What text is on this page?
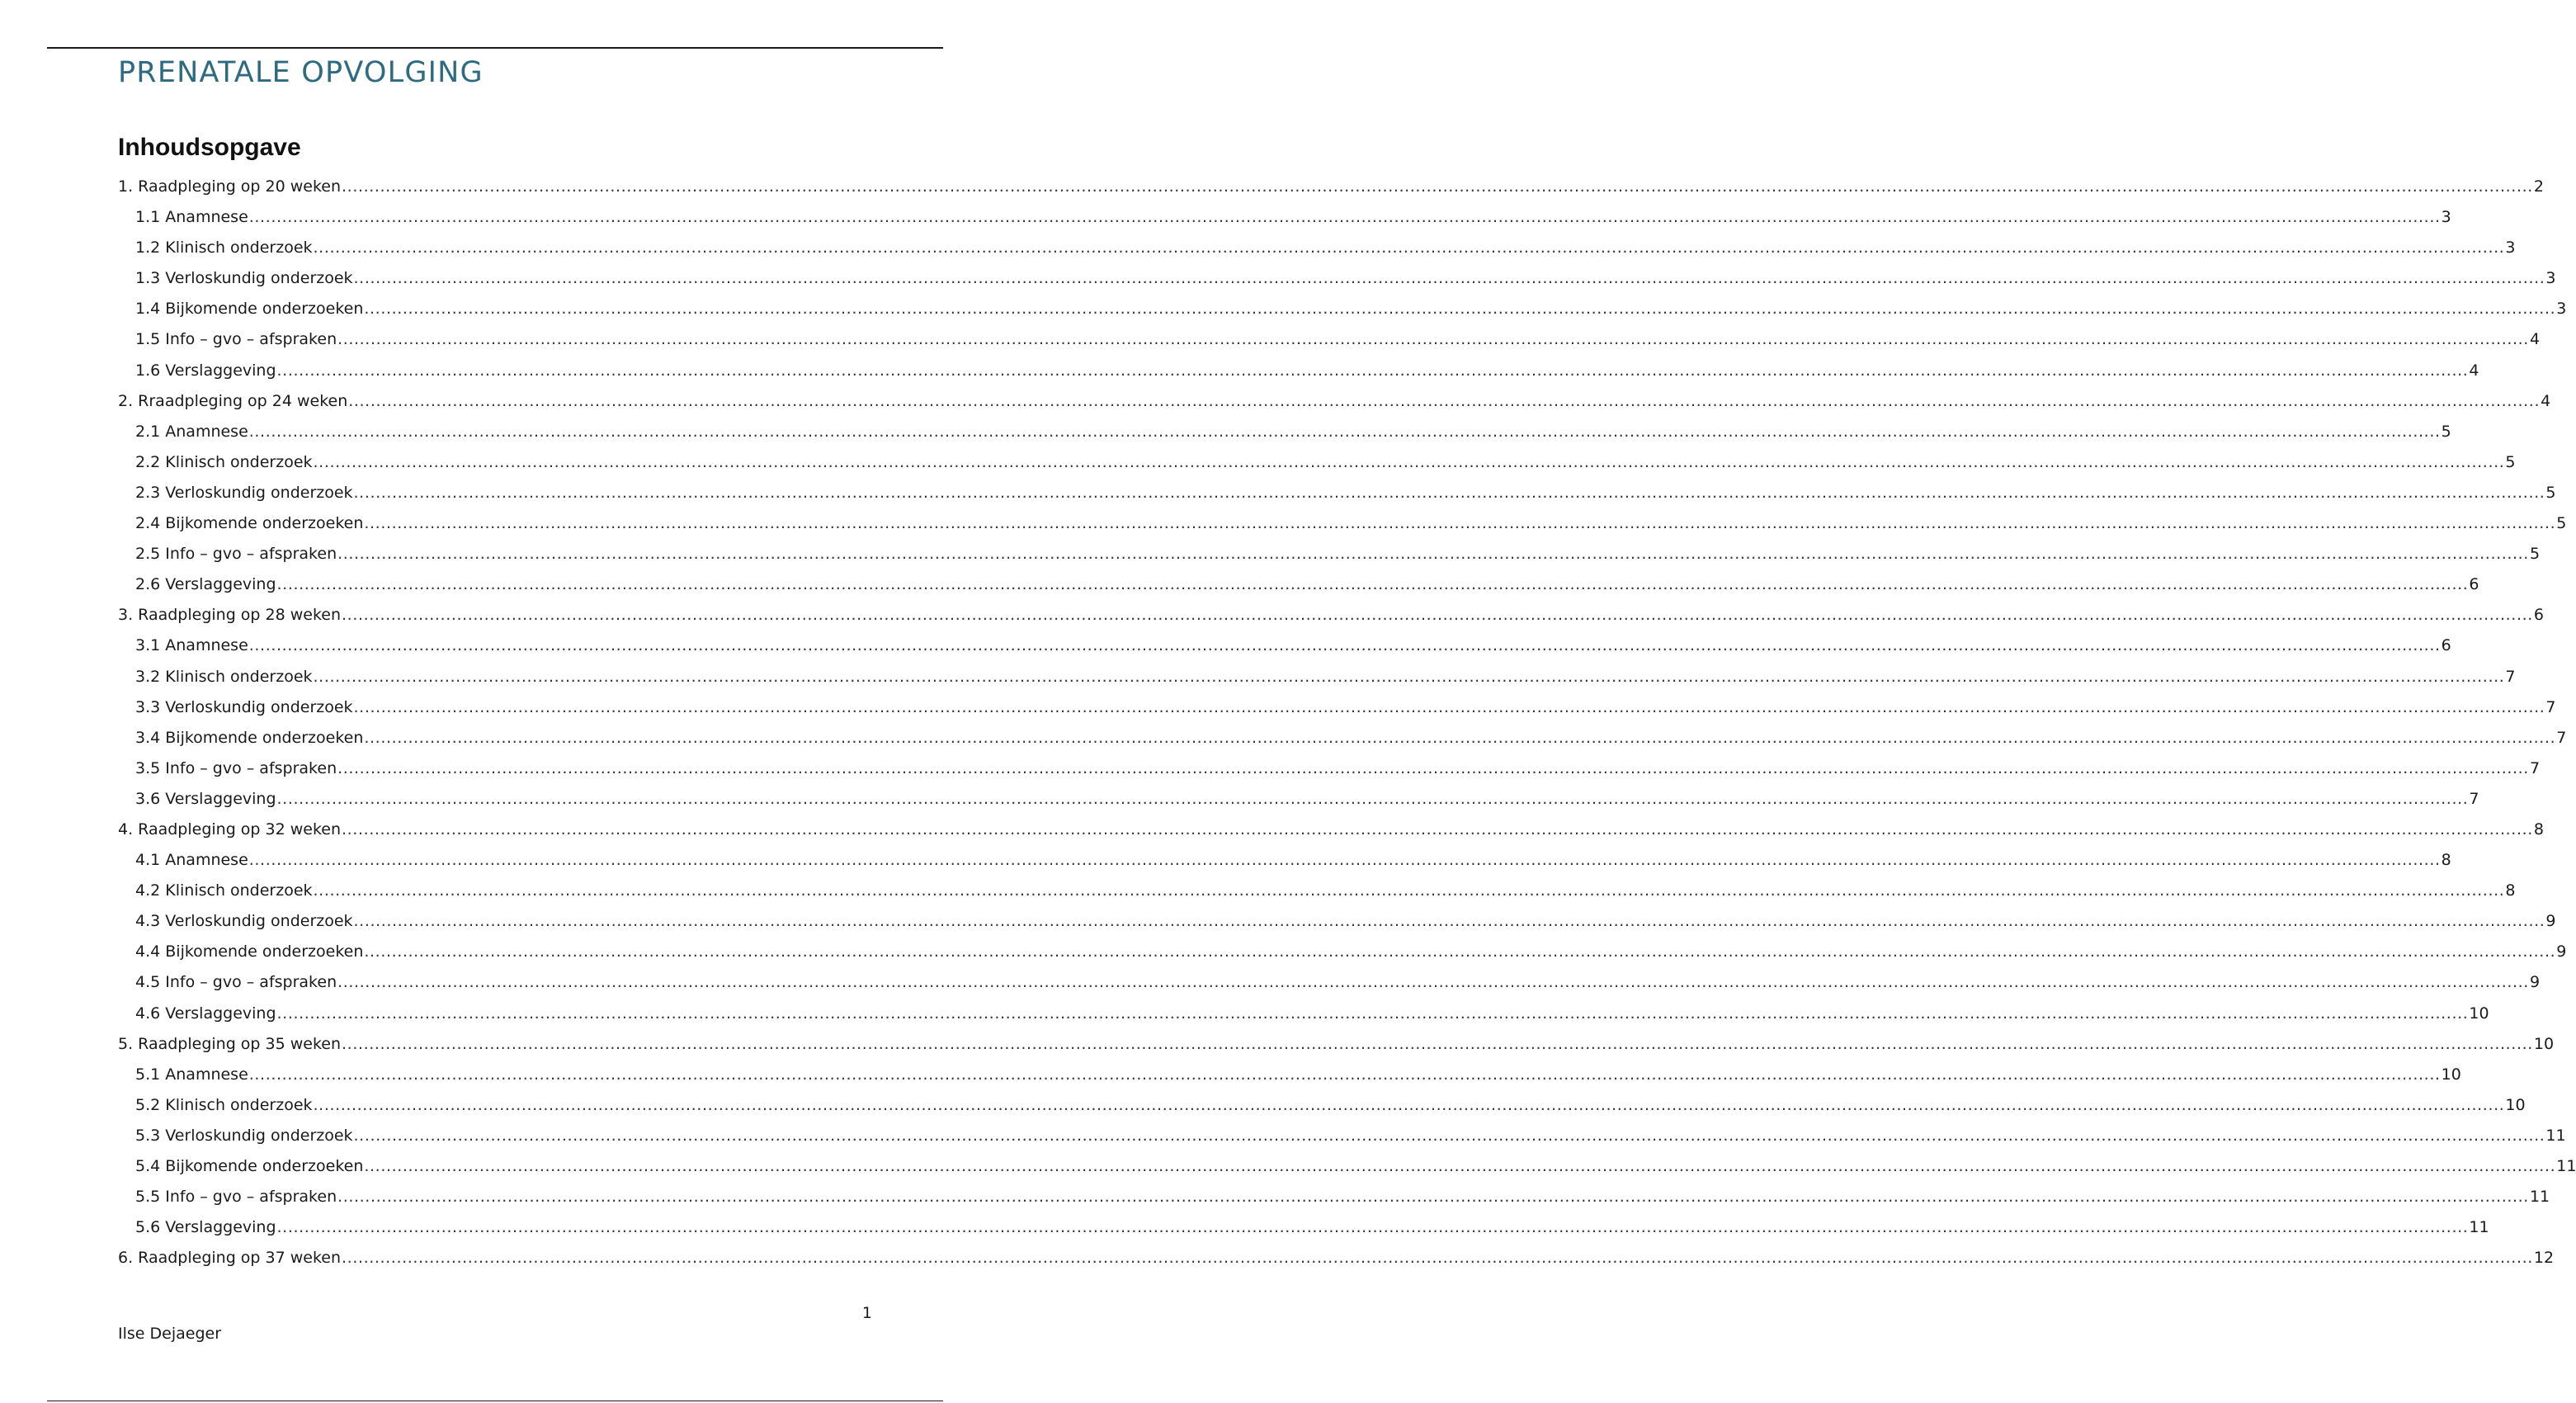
PRENATALE OPVOLGING
Inhoudsopgave
1. Raadpleging op 20 weken ................................................................................................................................................................................................................................................................................................................................................................................................................ 2
1.1 Anamnese ................................................................................................................................................................................................................................................................................................................................................................................................................ 3
1.2 Klinisch onderzoek ................................................................................................................................................................................................................................................................................................................................................................................................................ 3
1.3 Verloskundig onderzoek ................................................................................................................................................................................................................................................................................................................................................................................................................ 3
1.4 Bijkomende onderzoeken ................................................................................................................................................................................................................................................................................................................................................................................................................ 3
1.5 Info – gvo – afspraken ................................................................................................................................................................................................................................................................................................................................................................................................................ 4
1.6 Verslaggeving ................................................................................................................................................................................................................................................................................................................................................................................................................ 4
2. Rraadpleging op 24 weken ................................................................................................................................................................................................................................................................................................................................................................................................................ 4
2.1 Anamnese ................................................................................................................................................................................................................................................................................................................................................................................................................ 5
2.2 Klinisch onderzoek ................................................................................................................................................................................................................................................................................................................................................................................................................ 5
2.3 Verloskundig onderzoek ................................................................................................................................................................................................................................................................................................................................................................................................................ 5
2.4 Bijkomende onderzoeken ................................................................................................................................................................................................................................................................................................................................................................................................................ 5
2.5 Info – gvo – afspraken ................................................................................................................................................................................................................................................................................................................................................................................................................ 5
2.6 Verslaggeving ................................................................................................................................................................................................................................................................................................................................................................................................................ 6
3. Raadpleging op 28 weken ................................................................................................................................................................................................................................................................................................................................................................................................................ 6
3.1 Anamnese ................................................................................................................................................................................................................................................................................................................................................................................................................ 6
3.2 Klinisch onderzoek ................................................................................................................................................................................................................................................................................................................................................................................................................ 7
3.3 Verloskundig onderzoek ................................................................................................................................................................................................................................................................................................................................................................................................................ 7
3.4 Bijkomende onderzoeken ................................................................................................................................................................................................................................................................................................................................................................................................................ 7
3.5 Info – gvo – afspraken ................................................................................................................................................................................................................................................................................................................................................................................................................ 7
3.6 Verslaggeving ................................................................................................................................................................................................................................................................................................................................................................................................................ 7
4. Raadpleging op 32 weken ................................................................................................................................................................................................................................................................................................................................................................................................................ 8
4.1 Anamnese ................................................................................................................................................................................................................................................................................................................................................................................................................ 8
4.2 Klinisch onderzoek ................................................................................................................................................................................................................................................................................................................................................................................................................ 8
4.3 Verloskundig onderzoek ................................................................................................................................................................................................................................................................................................................................................................................................................ 9
4.4 Bijkomende onderzoeken ................................................................................................................................................................................................................................................................................................................................................................................................................ 9
4.5 Info – gvo – afspraken ................................................................................................................................................................................................................................................................................................................................................................................................................ 9
4.6 Verslaggeving ................................................................................................................................................................................................................................................................................................................................................................................................................ 10
5. Raadpleging op 35 weken ................................................................................................................................................................................................................................................................................................................................................................................................................ 10
5.1 Anamnese ................................................................................................................................................................................................................................................................................................................................................................................................................ 10
5.2 Klinisch onderzoek ................................................................................................................................................................................................................................................................................................................................................................................................................ 10
5.3 Verloskundig onderzoek ................................................................................................................................................................................................................................................................................................................................................................................................................ 11
5.4 Bijkomende onderzoeken ................................................................................................................................................................................................................................................................................................................................................................................................................ 11
5.5 Info – gvo – afspraken ................................................................................................................................................................................................................................................................................................................................................................................................................ 11
5.6 Verslaggeving ................................................................................................................................................................................................................................................................................................................................................................................................................ 11
6. Raadpleging op 37 weken ................................................................................................................................................................................................................................................................................................................................................................................................................ 12
1
Ilse Dejaeger
